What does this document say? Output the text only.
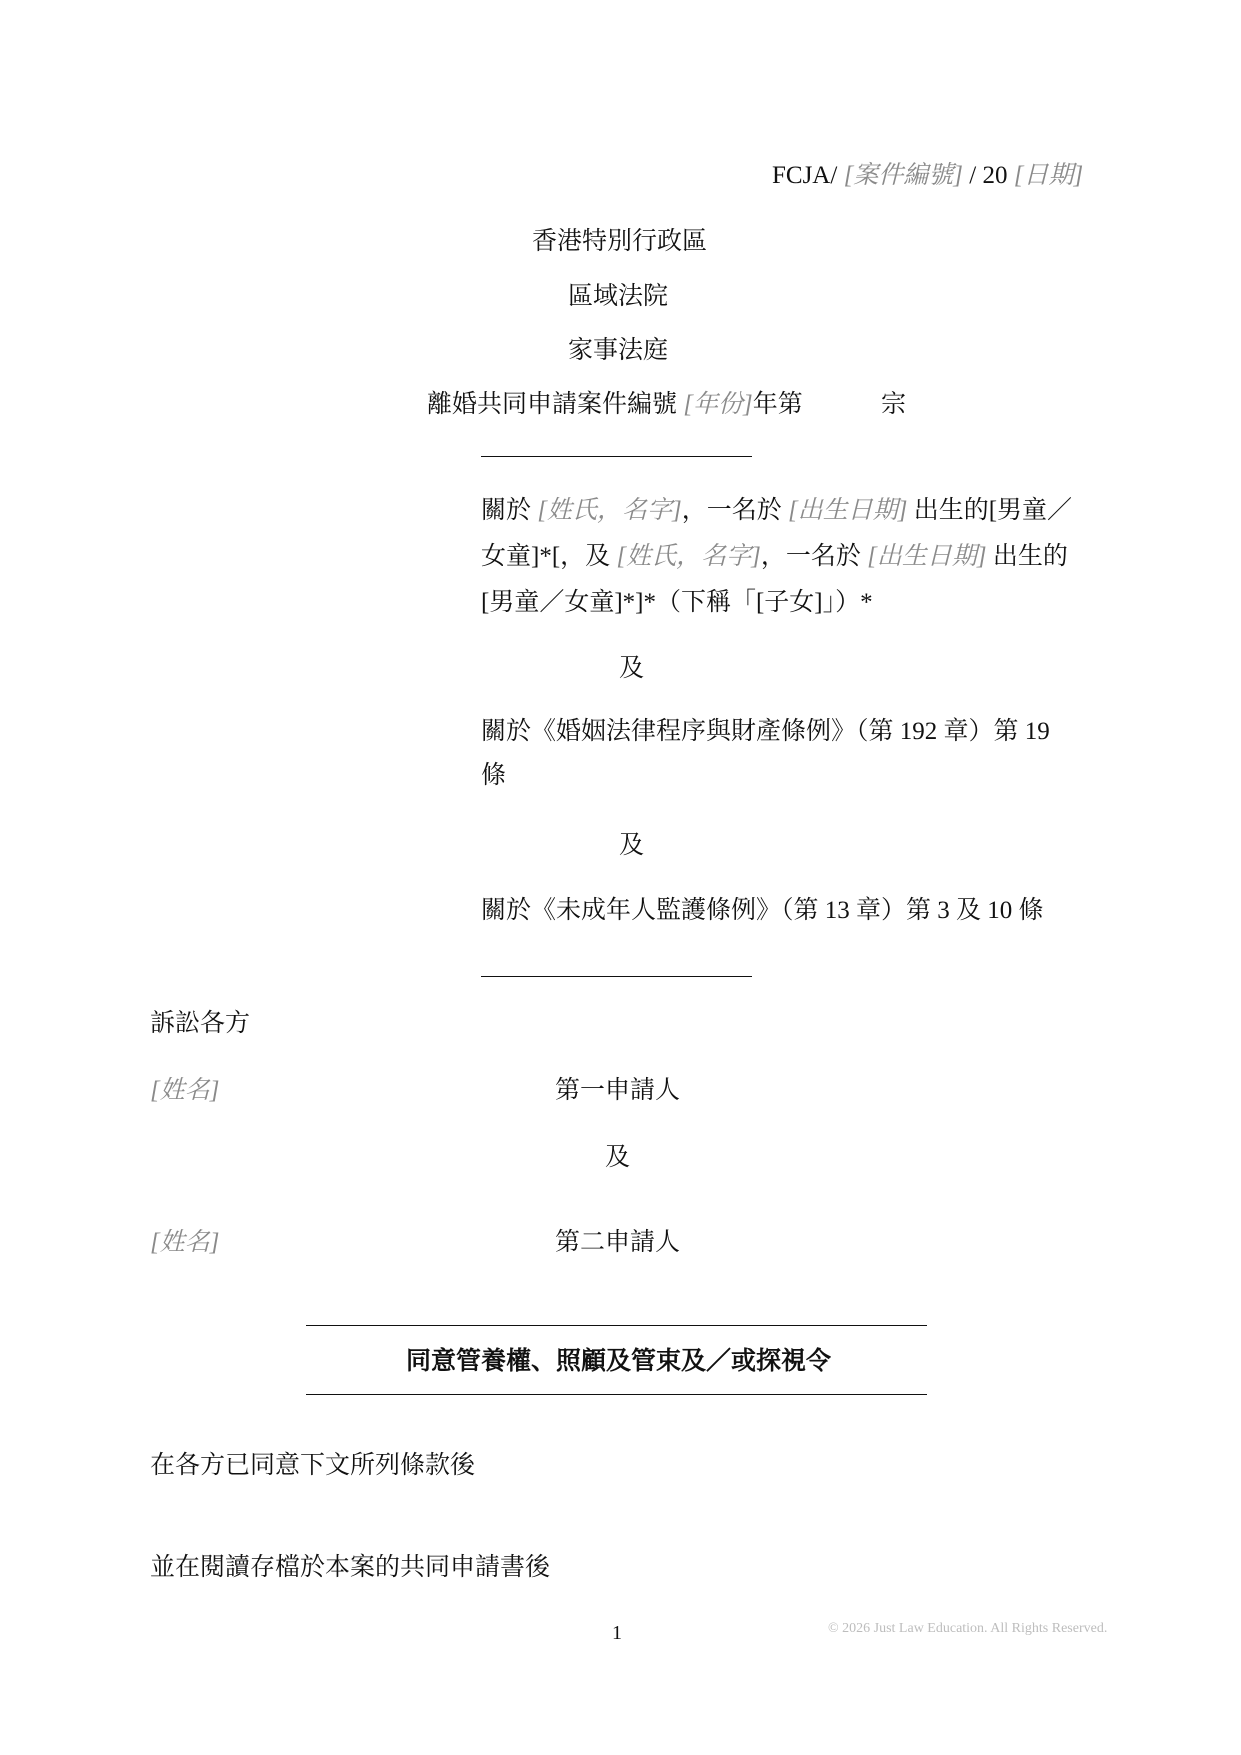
FCJA/ [案件編號] / 20 [日期]
香港特別行政區
區域法院
家事法庭
離婚共同申請案件編號 [年份]年第	宗
關於 [姓氏，名字]，一名於 [出生日期] 出生的[男童／
女童]*[，及 [姓氏，名字]，一名於 [出生日期] 出生的
[男童／女童]*]*（下稱「[子女]」）*
及
關於《婚姻法律程序與財產條例》（第 192 章）第 19
條
及
關於《未成年人監護條例》（第 13 章）第 3 及 10 條
訴訟各方
[姓名]	第一申請人
及
[姓名]	第二申請人
同意管養權、照顧及管束及／或探視令
在各方已同意下文所列條款後
並在閱讀存檔於本案的共同申請書後
1	© 2026 Just Law Education. All Rights Reserved.
